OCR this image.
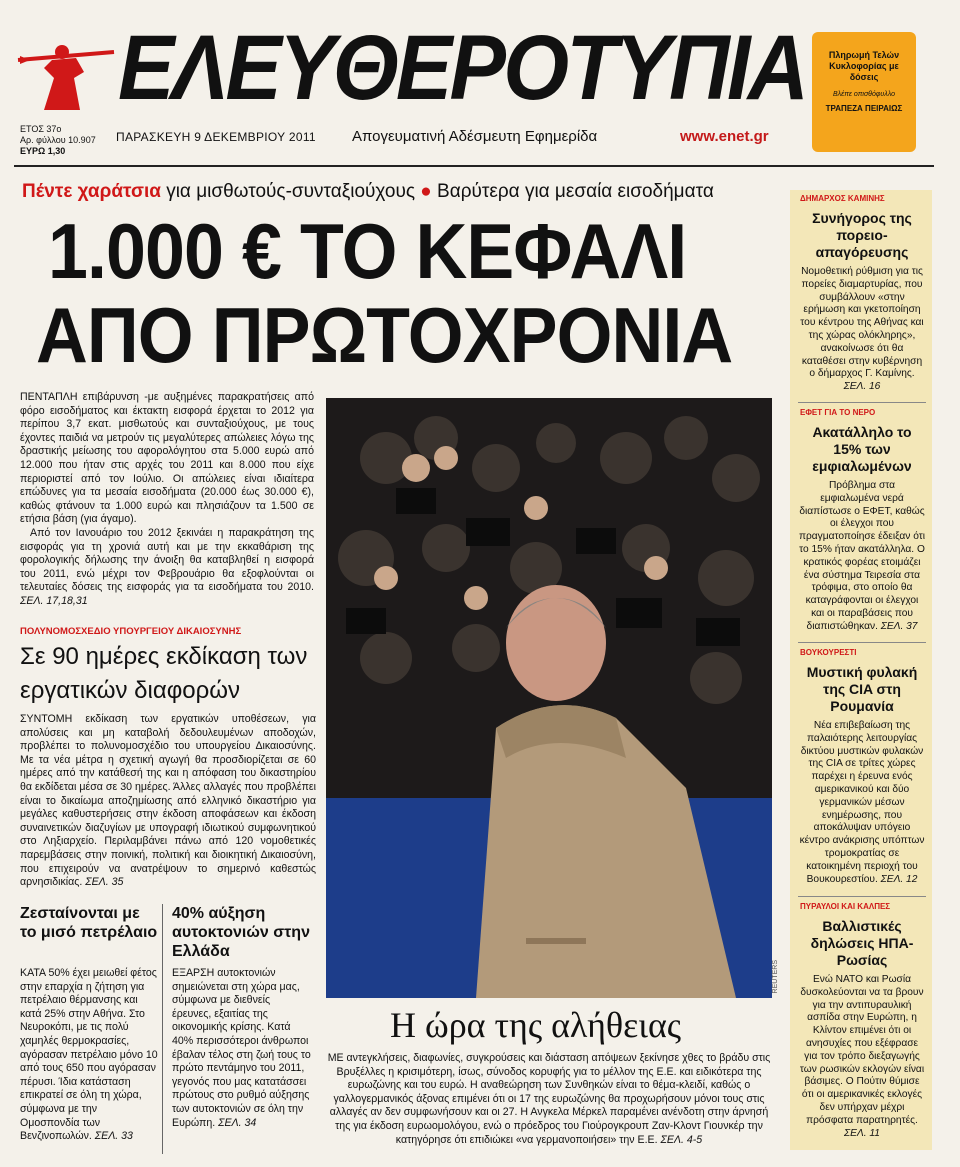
ΕΛΕΥΘΕΡΟΤΥΠΙΑ	Πληρωμή Τελών Κυκλοφορίας με δόσεις
Βλέπε οπισθόφυλλο
ΤΡΑΠΕΖΑ ΠΕΙΡΑΙΩΣ
ΕΤΟΣ 37ο
Αρ. φύλλου 10.907
ΕΥΡΩ 1,30
ΠΑΡΑΣΚΕΥΗ 9 ΔΕΚΕΜΒΡΙΟΥ 2011 Απογευματινή Αδέσμευτη Εφημερίδα	www.enet.gr
Πέντε χαράτσια για μισθωτούς-συνταξιούχους ● Βαρύτερα για μεσαία εισοδήματα
1.000 € ΤΟ ΚΕΦΑΛΙ
ΑΠΟ ΠΡΩΤΟΧΡΟΝΙΑ

ΠΕΝΤΑΠΛΗ επιβάρυνση -με αυξημένες παρακρατήσεις από φόρο εισοδήματος και έκτακτη εισφορά έρχεται το 2012 για περίπου 3,7 εκατ. μισθωτούς και συνταξιούχους, με τους έχοντες παιδιά να μετρούν τις μεγαλύτερες απώλειες λόγω της δραστικής μείωσης του αφορολόγητου στα 5.000 ευρώ από 12.000 που ήταν στις αρχές του 2011 και 8.000 που είχε περιοριστεί από τον Ιούλιο. Οι απώλειες είναι ιδιαίτερα επώδυνες για τα μεσαία εισοδήματα (20.000 έως 30.000 €), καθώς φτάνουν τα 1.000 ευρώ και πλησιάζουν τα 1.500 σε ετήσια βάση (για άγαμο).

Από τον Ιανουάριο του 2012 ξεκινάει η παρακράτηση της εισφοράς για τη χρονιά αυτή και με την εκκαθάριση της φορολογικής δήλωσης την άνοιξη θα καταβληθεί η εισφορά του 2011, ενώ μέχρι τον Φεβρουάριο θα εξοφλούνται οι τελευταίες δόσεις της εισφοράς για τα εισοδήματα του 2010. ΣΕΛ. 17,18,31

ΠΟΛΥΝΟΜΟΣΧΕΔΙΟ ΥΠΟΥΡΓΕΙΟΥ ΔΙΚΑΙΟΣΥΝΗΣ
Σε 90 ημέρες εκδίκαση των εργατικών διαφορών
ΣΥΝΤΟΜΗ εκδίκαση των εργατικών υποθέσεων, για απολύσεις και μη καταβολή δεδουλευμένων αποδοχών, προβλέπει το πολυνομοσχέδιο του υπουργείου Δικαιοσύνης. Με τα νέα μέτρα η σχετική αγωγή θα προσδιορίζεται σε 60 ημέρες από την κατάθεσή της και η απόφαση του δικαστηρίου θα εκδίδεται μέσα σε 30 ημέρες. Άλλες αλλαγές που προβλέπει είναι το δικαίωμα αποζημίωσης από ελληνικό δικαστήριο για μεγάλες καθυστερήσεις στην έκδοση αποφάσεων και έκδοση συναινετικών διαζυγίων με υπογραφή ιδιωτικού συμφωνητικού στο Ληξιαρχείο. Περιλαμβάνει πάνω από 120 νομοθετικές παρεμβάσεις στην ποινική, πολιτική και διοικητική Δικαιοσύνη, που επιχειρούν να ανατρέψουν το σημερινό καθεστώς αρνησιδικίας. ΣΕΛ. 35
Ζεσταίνονται με το μισό πετρέλαιο
ΚΑΤΑ 50% έχει μειωθεί φέτος στην επαρχία η ζήτηση για πετρέλαιο θέρμανσης και κατά 25% στην Αθήνα. Στο Νευροκόπι, με τις πολύ χαμηλές θερμοκρασίες, αγόρασαν πετρέλαιο μόνο 10 από τους 650 που αγόρασαν πέρυσι. Ίδια κατάσταση επικρατεί σε όλη τη χώρα, σύμφωνα με την Ομοσπονδία των Βενζινοπωλών. ΣΕΛ. 33
40% αύξηση αυτοκτονιών στην Ελλάδα
ΕΞΑΡΣΗ αυτοκτονιών σημειώνεται στη χώρα μας, σύμφωνα με διεθνείς έρευνες, εξαιτίας της οικονομικής κρίσης. Κατά 40% περισσότεροι άνθρωποι έβαλαν τέλος στη ζωή τους το πρώτο πεντάμηνο του 2011, γεγονός που μας κατατάσσει πρώτους στο ρυθμό αύξησης των αυτοκτονιών σε όλη την Ευρώπη. ΣΕΛ. 34
REUTERS
Η ώρα της αλήθειας
ΜΕ αντεγκλήσεις, διαφωνίες, συγκρούσεις και διάσταση απόψεων ξεκίνησε χθες το βράδυ στις Βρυξέλλες η κρισιμότερη, ίσως, σύνοδος κορυφής για το μέλλον της Ε.Ε. και ειδικότερα της ευρωζώνης και του ευρώ. Η αναθεώρηση των Συνθηκών είναι το θέμα-κλειδί, καθώς ο γαλλογερμανικός άξονας επιμένει ότι οι 17 της ευρωζώνης θα προχωρήσουν μόνοι τους στις αλλαγές αν δεν συμφωνήσουν και οι 27. Η Ανγκελα Μέρκελ παραμένει ανένδοτη στην άρνησή της για έκδοση ευρωομολόγου, ενώ ο πρόεδρος του Γιούρογκρουπ Ζαν-Κλοντ Γιουνκέρ την κατηγόρησε ότι επιδιώκει «να γερμανοποιήσει» την Ε.Ε. ΣΕΛ. 4-5
ΔΗΜΑΡΧΟΣ ΚΑΜΙΝΗΣ
Συνήγορος της πορειο-απαγόρευσης
Νομοθετική ρύθμιση για τις πορείες διαμαρτυρίας, που συμβάλλουν «στην ερήμωση και γκετοποίηση του κέντρου της Αθήνας και της χώρας ολόκληρης», ανακοίνωσε ότι θα καταθέσει στην κυβέρνηση ο δήμαρχος Γ. Καμίνης. ΣΕΛ. 16
ΕΦΕΤ ΓΙΑ ΤΟ ΝΕΡΟ
Ακατάλληλο το 15% των εμφιαλωμένων
Πρόβλημα στα εμφιαλωμένα νερά διαπίστωσε ο ΕΦΕΤ, καθώς οι έλεγχοι που πραγματοποίησε έδειξαν ότι το 15% ήταν ακατάλληλα. Ο κρατικός φορέας ετοιμάζει ένα σύστημα Τειρεσία στα τρόφιμα, στο οποίο θα καταγράφονται οι έλεγχοι και οι παραβάσεις που διαπιστώθηκαν. ΣΕΛ. 37
ΒΟΥΚΟΥΡΕΣΤΙ
Μυστική φυλακή της CIA στη Ρουμανία
Νέα επιβεβαίωση της παλαιότερης λειτουργίας δικτύου μυστικών φυλακών της CIA σε τρίτες χώρες παρέχει η έρευνα ενός αμερικανικού και δύο γερμανικών μέσων ενημέρωσης, που αποκάλυψαν υπόγειο κέντρο ανάκρισης υπόπτων τρομοκρατίας σε κατοικημένη περιοχή του Βουκουρεστίου. ΣΕΛ. 12
ΠΥΡΑΥΛΟΙ ΚΑΙ ΚΑΛΠΕΣ
Βαλλιστικές δηλώσεις ΗΠΑ-Ρωσίας
Ενώ ΝΑΤΟ και Ρωσία δυσκολεύονται να τα βρουν για την αντιπυραυλική ασπίδα στην Ευρώπη, η Κλίντον επιμένει ότι οι ανησυχίες που εξέφρασε για τον τρόπο διεξαγωγής των ρωσικών εκλογών είναι βάσιμες. Ο Πούτιν θύμισε ότι οι αμερικανικές εκλογές δεν υπήρχαν μέχρι πρόσφατα παρατηρητές. ΣΕΛ. 11
